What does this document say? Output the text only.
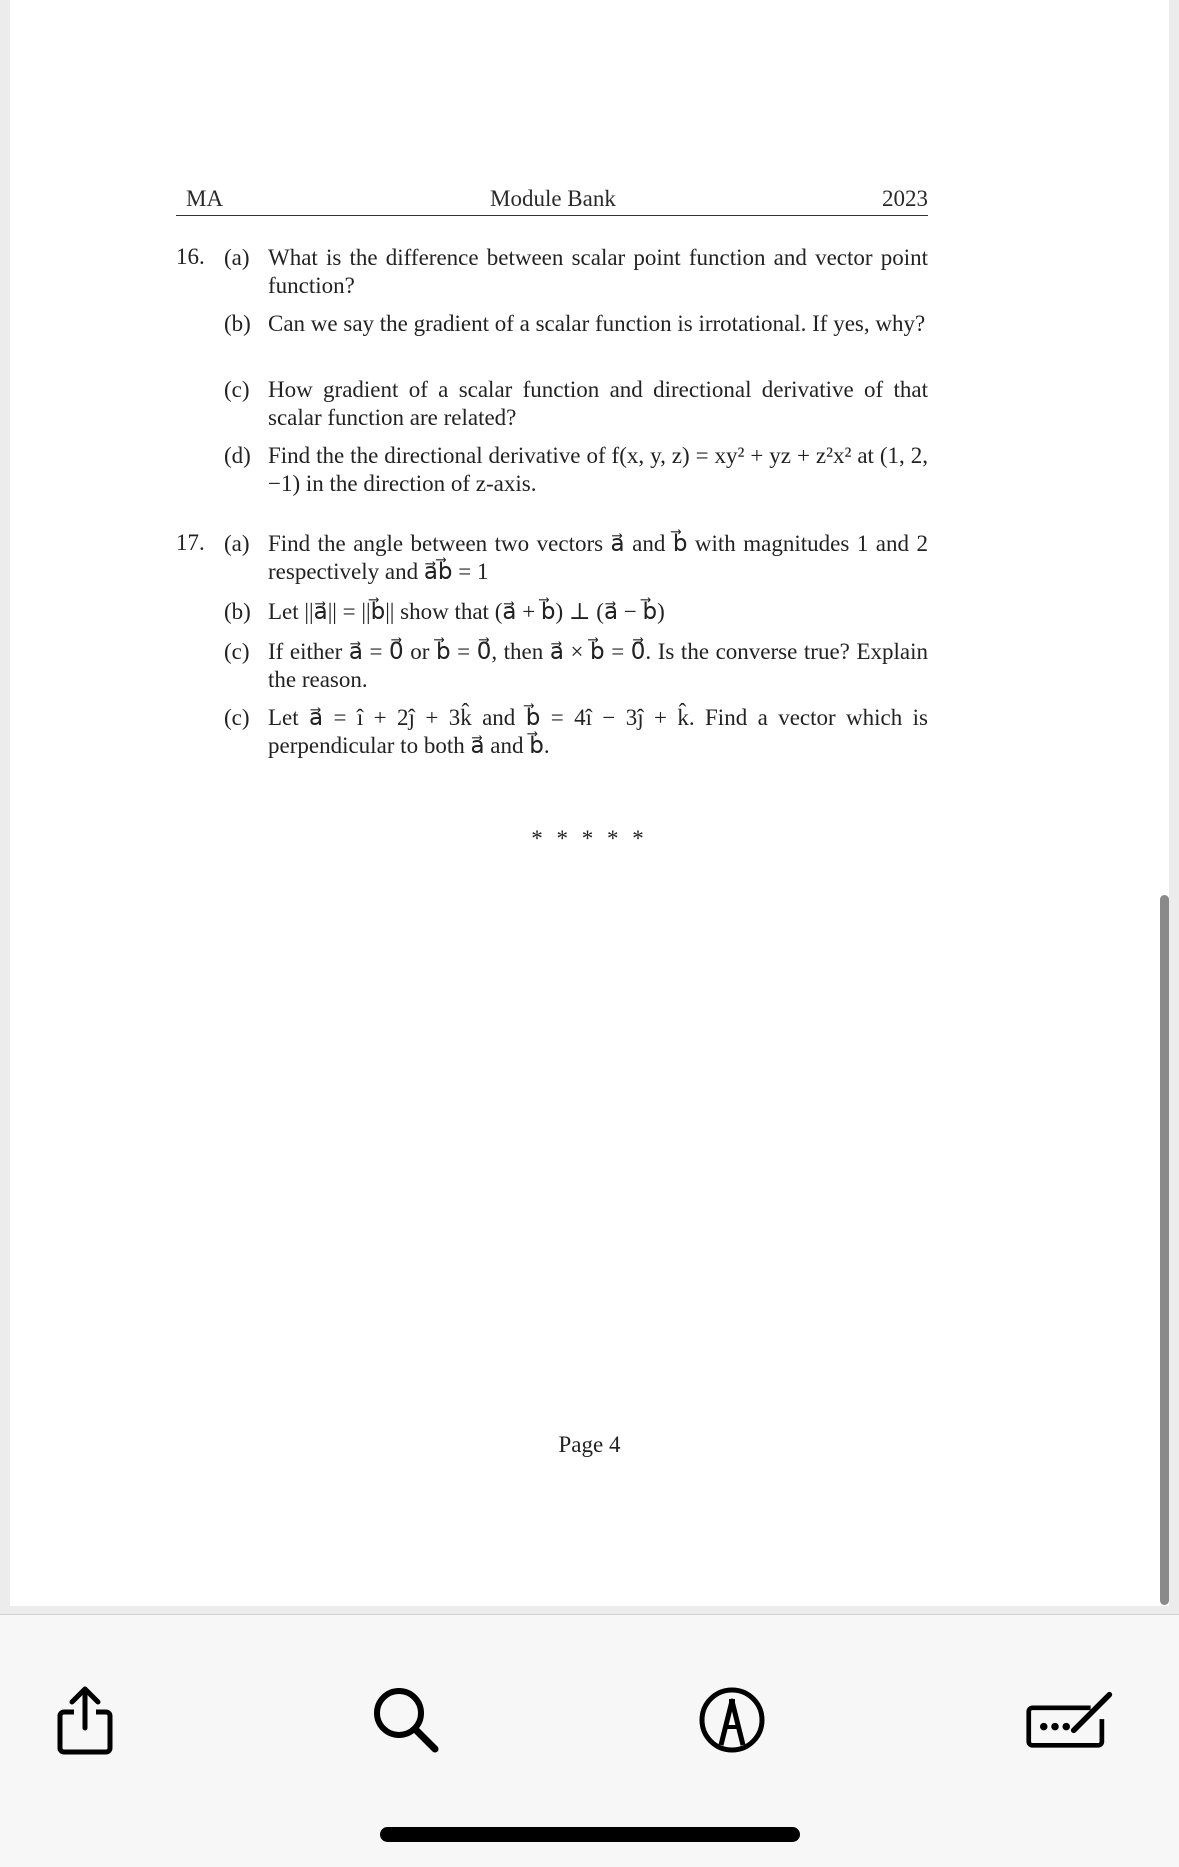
MA	Module Bank	2023
16. (a) What is the difference between scalar point function and vector point function?
(b) Can we say the gradient of a scalar function is irrotational. If yes, why?
(c) How gradient of a scalar function and directional derivative of that scalar function are related?
(d) Find the the directional derivative of f(x, y, z) = xy² + yz + z²x² at (1, 2, −1) in the direction of z-axis.
17. (a) Find the angle between two vectors a⃗ and b⃗ with magnitudes 1 and 2 respectively and a⃗b⃗ = 1
(b) Let ||a⃗|| = ||b⃗|| show that (a⃗ + b⃗) ⊥ (a⃗ − b⃗)
(c) If either a⃗ = 0⃗ or b⃗ = 0⃗, then a⃗ × b⃗ = 0⃗. Is the converse true? Explain the reason.
(c) Let a⃗ = î + 2ĵ + 3k̂ and b⃗ = 4î − 3ĵ + k̂. Find a vector which is perpendicular to both a⃗ and b⃗.
* * * * *
Page 4
